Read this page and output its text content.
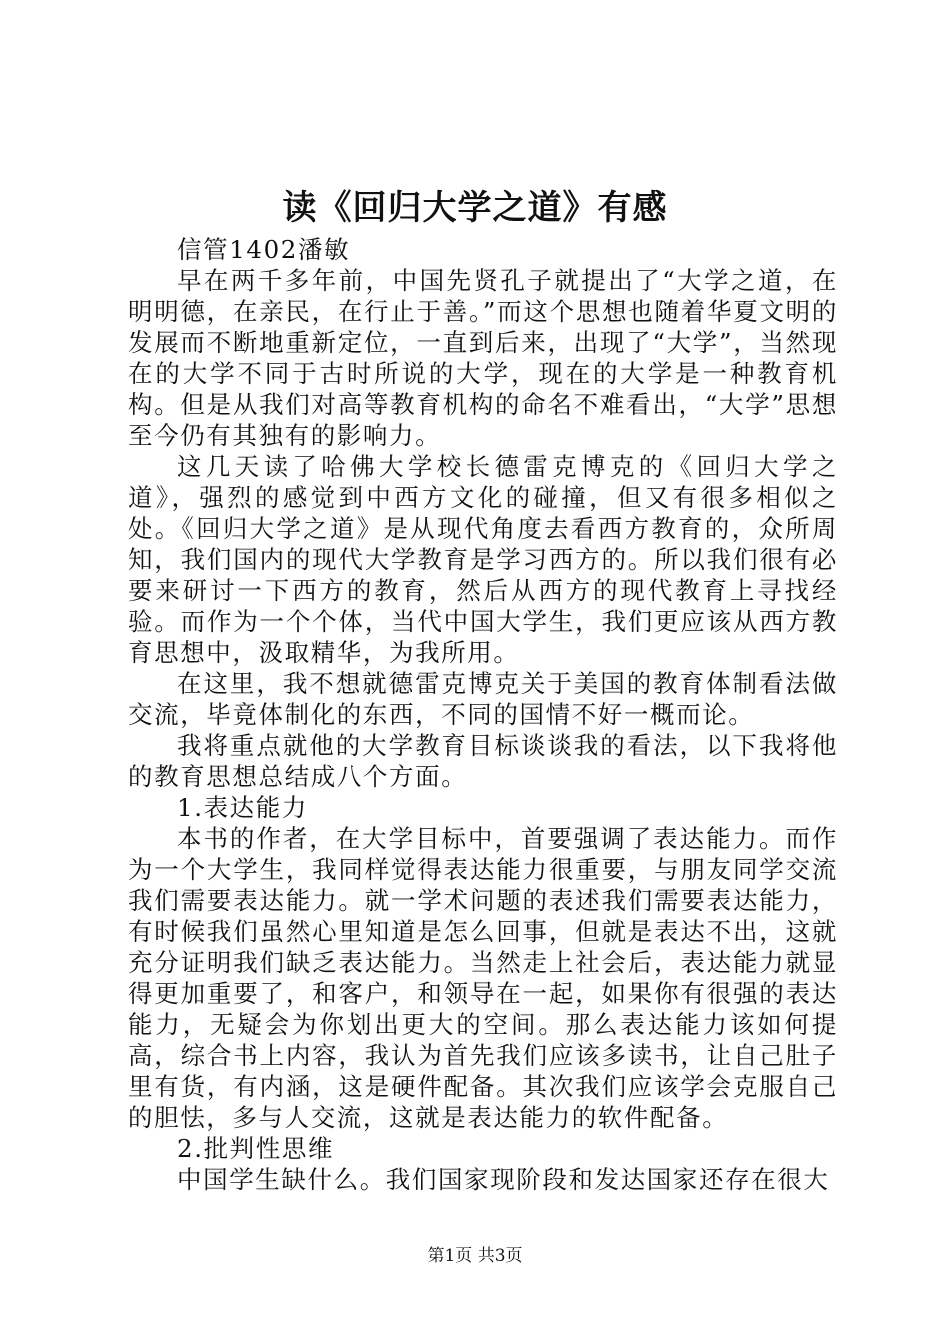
读《回归大学之道》有感

信管1402潘敏

早在两千多年前，中国先贤孔子就提出了“大学之道，在明明德，在亲民，在行止于善。”而这个思想也随着华夏文明的发展而不断地重新定位，一直到后来，出现了“大学”，当然现在的大学不同于古时所说的大学，现在的大学是一种教育机构。但是从我们对高等教育机构的命名不难看出，“大学”思想至今仍有其独有的影响力。

这几天读了哈佛大学校长德雷克博克的《回归大学之道》，强烈的感觉到中西方文化的碰撞，但又有很多相似之处。《回归大学之道》是从现代角度去看西方教育的，众所周知，我们国内的现代大学教育是学习西方的。所以我们很有必要来研讨一下西方的教育，然后从西方的现代教育上寻找经验。而作为一个个体，当代中国大学生，我们更应该从西方教育思想中，汲取精华，为我所用。

在这里，我不想就德雷克博克关于美国的教育体制看法做交流，毕竟体制化的东西，不同的国情不好一概而论。

我将重点就他的大学教育目标谈谈我的看法，以下我将他的教育思想总结成八个方面。

1.表达能力

本书的作者，在大学目标中，首要强调了表达能力。而作为一个大学生，我同样觉得表达能力很重要，与朋友同学交流我们需要表达能力。就一学术问题的表述我们需要表达能力，有时候我们虽然心里知道是怎么回事，但就是表达不出，这就充分证明我们缺乏表达能力。当然走上社会后，表达能力就显得更加重要了，和客户，和领导在一起，如果你有很强的表达能力，无疑会为你划出更大的空间。那么表达能力该如何提高，综合书上内容，我认为首先我们应该多读书，让自己肚子里有货，有内涵，这是硬件配备。其次我们应该学会克服自己的胆怯，多与人交流，这就是表达能力的软件配备。

2.批判性思维

中国学生缺什么。我们国家现阶段和发达国家还存在很大

第1页 共3页
